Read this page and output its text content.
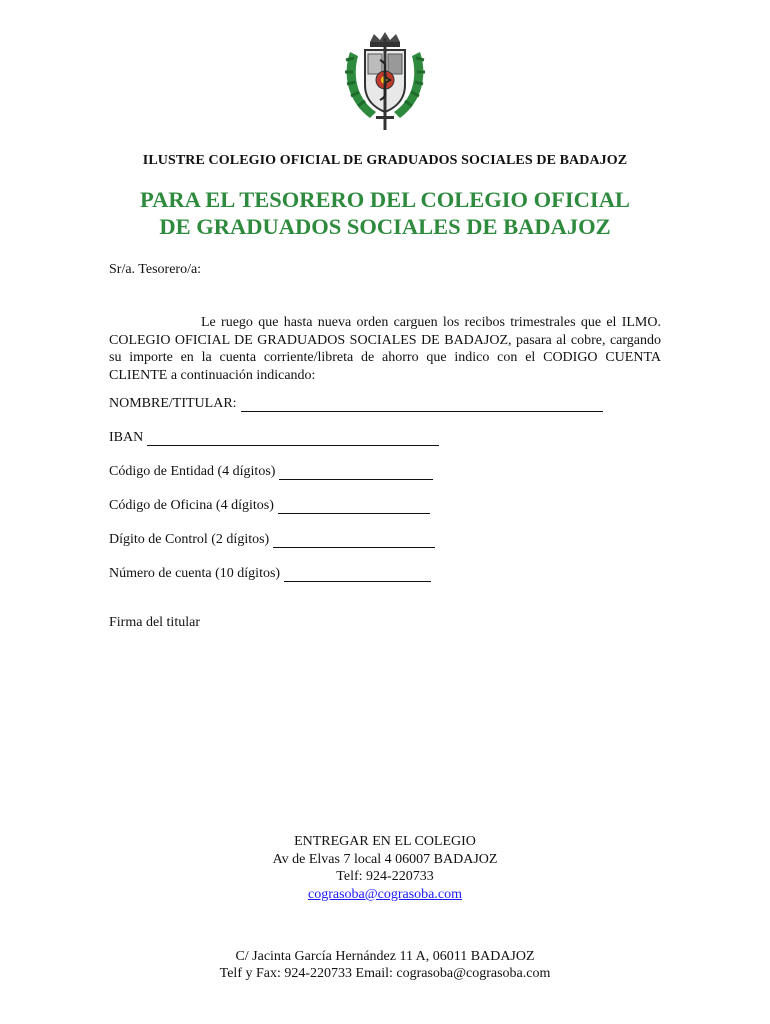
ILUSTRE COLEGIO OFICIAL DE GRADUADOS SOCIALES DE BADAJOZ
PARA EL TESORERO DEL COLEGIO OFICIAL
DE GRADUADOS SOCIALES DE BADAJOZ
Sr/a. Tesorero/a:
Le ruego que hasta nueva orden carguen los recibos trimestrales que el ILMO. COLEGIO OFICIAL DE GRADUADOS SOCIALES DE BADAJOZ, pasara al cobre, cargando su importe en la cuenta corriente/libreta de ahorro que indico con el CODIGO CUENTA CLIENTE a continuación indicando:
NOMBRE/TITULAR:
IBAN
Código de Entidad (4 dígitos)
Código de Oficina (4 dígitos)
Dígito de Control (2 dígitos)
Número de cuenta (10 dígitos)
Firma del titular
ENTREGAR EN EL COLEGIO
Av de Elvas 7 local 4 06007 BADAJOZ
Telf: 924-220733
cograsoba@cograsoba.com
C/ Jacinta García Hernández 11 A, 06011 BADAJOZ
Telf y Fax: 924-220733 Email: cograsoba@cograsoba.com
